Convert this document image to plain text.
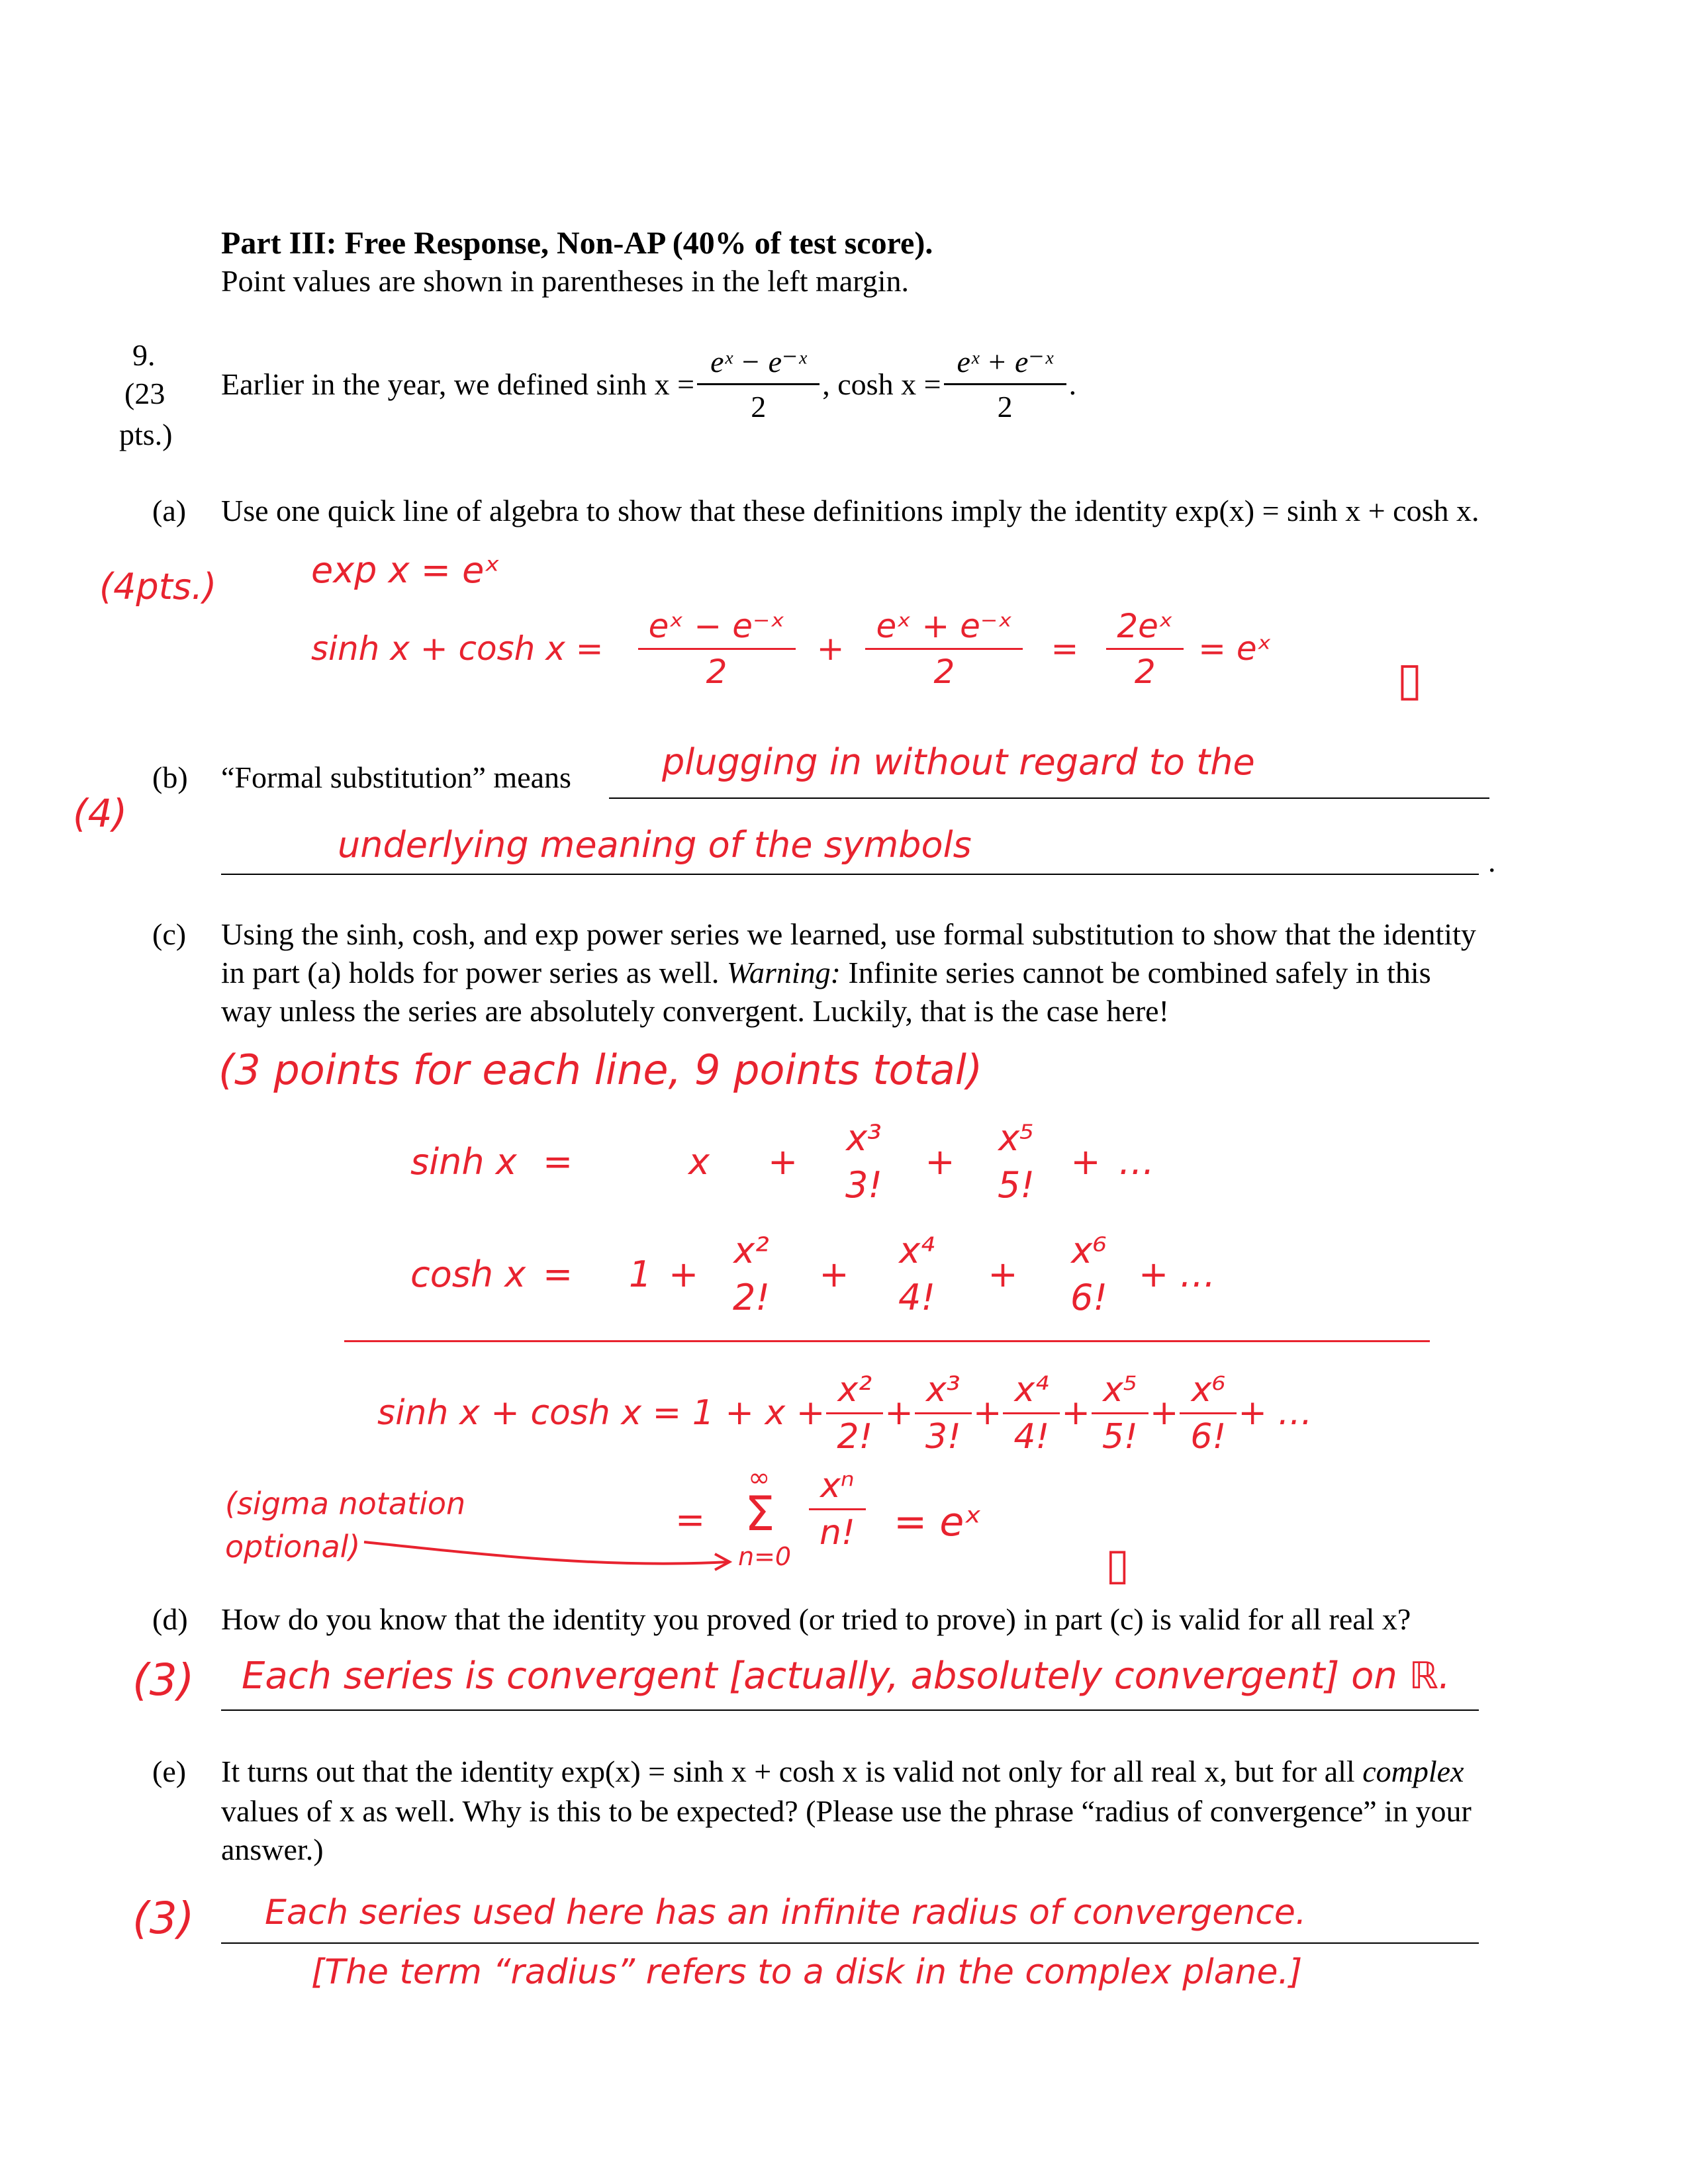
Part III: Free Response, Non-AP (40% of test score).
Point values are shown in parentheses in the left margin.
9.
(23
pts.)
Earlier in the year, we defined $\sinh x = \frac{\text{eˣ − e⁻ˣ}}{2}$ , $\cosh x = \frac{\text{eˣ + e⁻ˣ}}{2}$ .
(a) Use one quick line of algebra to show that these definitions imply the identity exp(x) = sinh x + cosh x.
(4pts.)	exp x = eˣ
$\sinh x + \cosh x = \frac{\text{eˣ − e⁻ˣ}}{2} + \frac{\text{eˣ + e⁻ˣ}}{2} = \frac{\text{2eˣ}}{2}$ = eˣ
▯
(b) “Formal substitution” means
(4)
plugging in without regard to the
underlying meaning of the symbols	.
(c) Using the sinh, cosh, and exp power series we learned, use formal substitution to show that the identity
in part (a) holds for power series as well. Warning: Infinite series cannot be combined safely in this
way unless the series are absolutely convergent. Luckily, that is the case here!
(3 points for each line, 9 points total)
sinh x =	x	+
x³
3!
+
x⁵
5!
+ …
cosh x =	1 +
x²
2!
+
x⁴
4!
+
x⁶
6!
+ …
$\sinh x + \cosh x = 1 + x + \frac{\text{x²}}{2!} + \frac{\text{x³}}{3!} + \frac{\text{x⁴}}{4!} + \frac{\text{x⁵}}{5!} + \frac{\text{x⁶}}{6!}$ + …
(sigma notation
optional)
=
∞
Σ
n=0
$\frac{\text{xⁿ}}{n!}$ = eˣ
▯
(d) How do you know that the identity you proved (or tried to prove) in part (c) is valid for all real x?
(3) Each series is convergent [actually, absolutely convergent] on ℝ.
(e) It turns out that the identity exp(x) = sinh x + cosh x is valid not only for all real x, but for all complex
values of x as well. Why is this to be expected? (Please use the phrase “radius of convergence” in your
answer.)
(3) Each series used here has an infinite radius of convergence.
[The term “radius” refers to a disk in the complex plane.]
